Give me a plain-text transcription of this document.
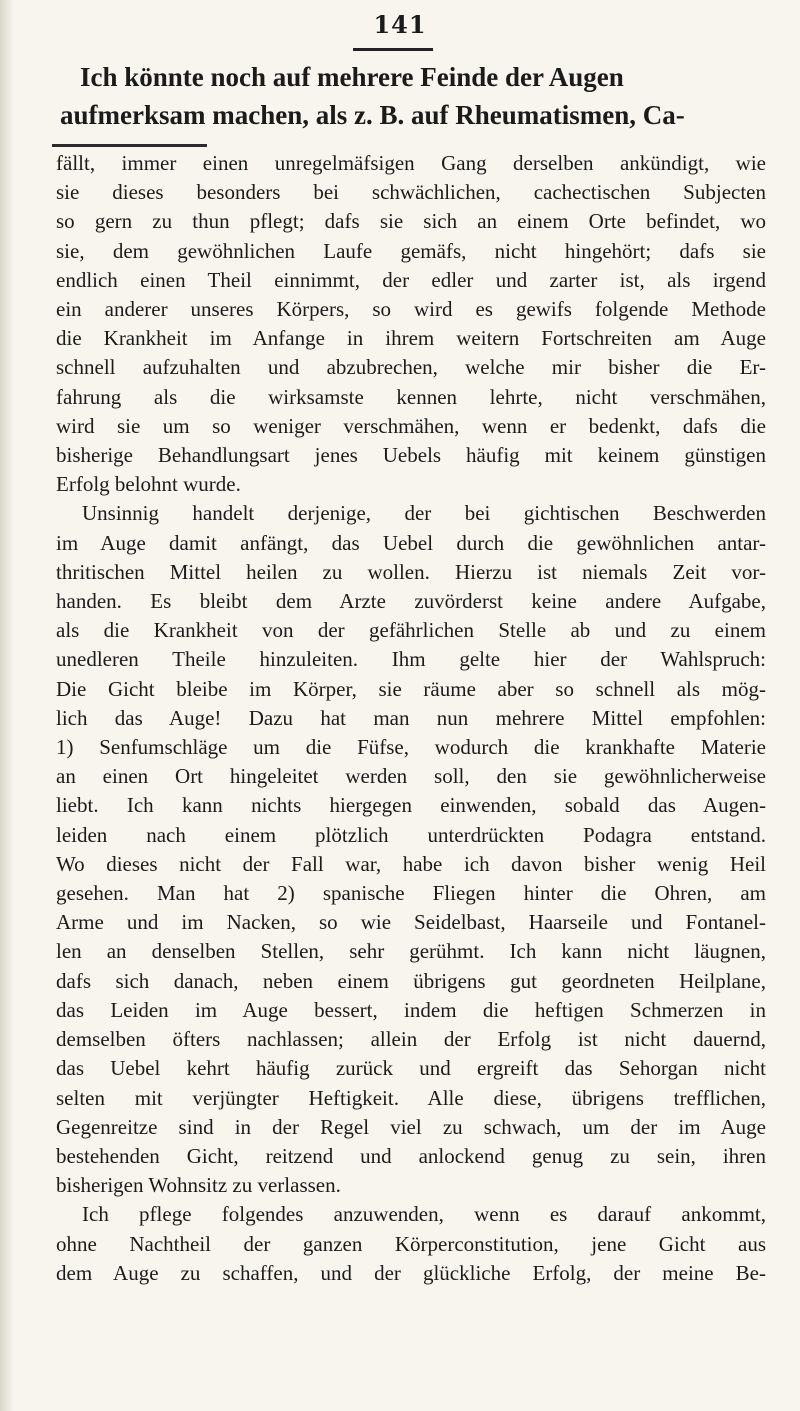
141

Ich könnte noch auf mehrere Feinde der Augen aufmerksam machen, als z. B. auf Rheumatismen, Ca-

fällt, immer einen unregelmäfsigen Gang derselben ankündigt, wie
sie dieses besonders bei schwächlichen, cachectischen Subjecten
so gern zu thun pflegt; dafs sie sich an einem Orte befindet, wo
sie, dem gewöhnlichen Laufe gemäfs, nicht hingehört; dafs sie
endlich einen Theil einnimmt, der edler und zarter ist, als irgend
ein anderer unseres Körpers, so wird es gewifs folgende Methode
die Krankheit im Anfange in ihrem weitern Fortschreiten am Auge
schnell aufzuhalten und abzubrechen, welche mir bisher die Er-
fahrung als die wirksamste kennen lehrte, nicht verschmähen,
wird sie um so weniger verschmähen, wenn er bedenkt, dafs die
bisherige Behandlungsart jenes Uebels häufig mit keinem günstigen
Erfolg belohnt wurde.
Unsinnig handelt derjenige, der bei gichtischen Beschwerden
im Auge damit anfängt, das Uebel durch die gewöhnlichen antar-
thritischen Mittel heilen zu wollen. Hierzu ist niemals Zeit vor-
handen. Es bleibt dem Arzte zuvörderst keine andere Aufgabe,
als die Krankheit von der gefährlichen Stelle ab und zu einem
unedleren Theile hinzuleiten. Ihm gelte hier der Wahlspruch:
Die Gicht bleibe im Körper, sie räume aber so schnell als mög-
lich das Auge! Dazu hat man nun mehrere Mittel empfohlen:
1) Senfumschläge um die Füfse, wodurch die krankhafte Materie
an einen Ort hingeleitet werden soll, den sie gewöhnlicherweise
liebt. Ich kann nichts hiergegen einwenden, sobald das Augen-
leiden nach einem plötzlich unterdrückten Podagra entstand.
Wo dieses nicht der Fall war, habe ich davon bisher wenig Heil
gesehen. Man hat 2) spanische Fliegen hinter die Ohren, am
Arme und im Nacken, so wie Seidelbast, Haarseile und Fontanel-
len an denselben Stellen, sehr gerühmt. Ich kann nicht läugnen,
dafs sich danach, neben einem übrigens gut geordneten Heilplane,
das Leiden im Auge bessert, indem die heftigen Schmerzen in
demselben öfters nachlassen; allein der Erfolg ist nicht dauernd,
das Uebel kehrt häufig zurück und ergreift das Sehorgan nicht
selten mit verjüngter Heftigkeit. Alle diese, übrigens trefflichen,
Gegenreitze sind in der Regel viel zu schwach, um der im Auge
bestehenden Gicht, reitzend und anlockend genug zu sein, ihren
bisherigen Wohnsitz zu verlassen.
Ich pflege folgendes anzuwenden, wenn es darauf ankommt,
ohne Nachtheil der ganzen Körperconstitution, jene Gicht aus
dem Auge zu schaffen, und der glückliche Erfolg, der meine Be-
